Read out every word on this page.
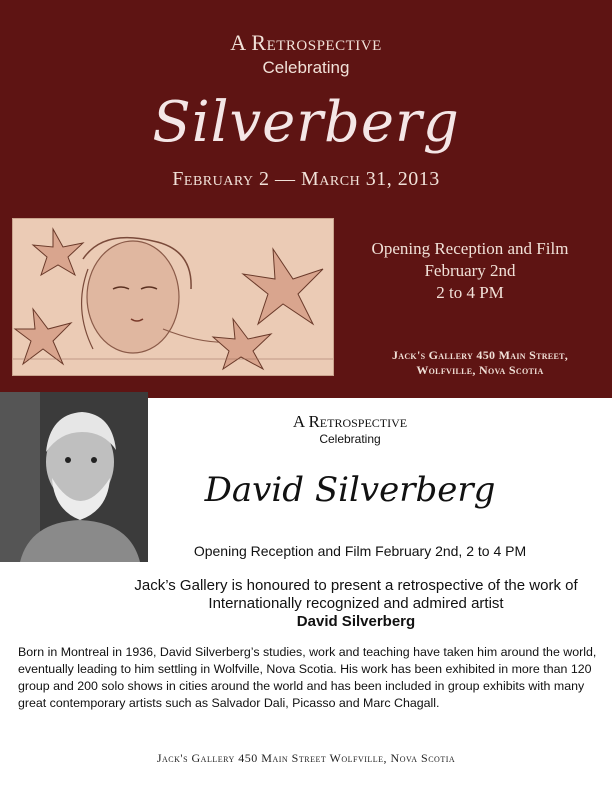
A Retrospective
Celebrating
Silverberg
February 2 — March 31, 2013
Opening Reception and Film
February 2nd
2 to 4 PM
Jack's Gallery 450 Main Street,
Wolfville, Nova Scotia
A Retrospective
Celebrating
David Silverberg
Opening Reception and Film February 2nd, 2 to 4 PM
Jack’s Gallery is honoured to present a retrospective of the work of Internationally recognized and admired artist
David Silverberg
Born in Montreal in 1936, David Silverberg’s studies, work and teaching have taken him around the world, eventually leading to him settling in Wolfville, Nova Scotia. His work has been exhibited in more than 120 group and 200 solo shows in cities around the world and has been included in group exhibits with many great contemporary artists such as Salvador Dali, Picasso and Marc Chagall.
Jack's Gallery 450 Main Street Wolfville, Nova Scotia
